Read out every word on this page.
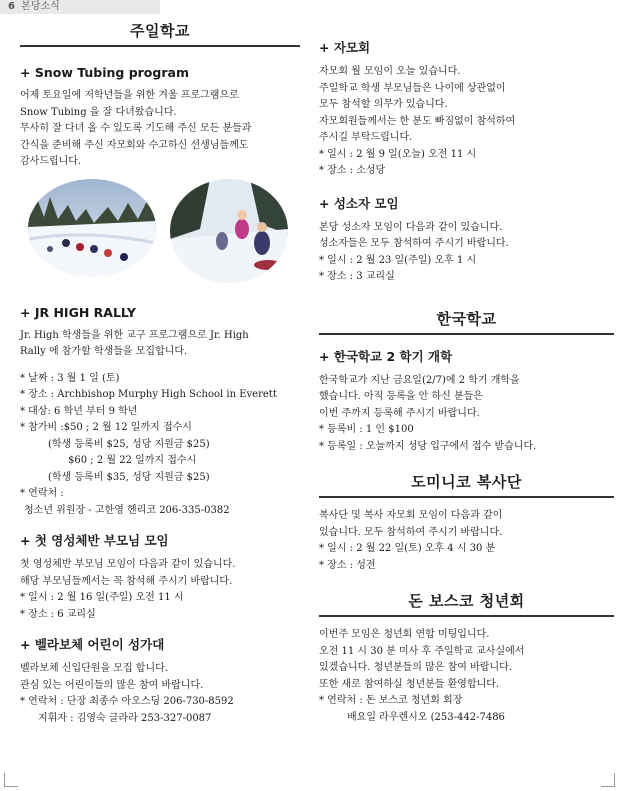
6 본당소식
주일학교
+ Snow Tubing program
어제 토요일에 저학년들을 위한 겨울 프로그램으로
Snow Tubing 을 잘 다녀왔습니다.
무사히 잘 다녀 올 수 있도록 기도해 주신 모든 분들과
간식을 준비해 주신 자모회와 수고하신 선생님들께도
감사드립니다.
+ JR HIGH RALLY
Jr. High 학생들을 위한 교구 프로그램으로 Jr. High
Rally 에 참가할 학생들을 모집합니다.
* 날짜 : 3 월 1 일 (토)
* 장소 : Archbishop Murphy High School in Everett
* 대상: 6 학년 부터 9 학년
* 참가비 :$50 ; 2 월 12 일까지 접수시
(학생 등록비 $25, 성당 지원금 $25)
$60 ; 2 월 22 일까지 접수시
(학생 등록비 $35, 성당 지원금 $25)
* 연락처 :
청소년 위원장 - 고한영 헨리코 206-335-0382
+ 첫 영성체반 부모님 모임
첫 영성체반 부모님 모임이 다음과 같이 있습니다.
해당 부모님들께서는 꼭 참석해 주시기 바랍니다.
* 일시 : 2 월 16 일(주일) 오전 11 시
* 장소 : 6 교리실
+ 벨라보체 어린이 성가대
벨라보체 신입단원을 모집 합니다.
관심 있는 어린이들의 많은 참여 바랍니다.
* 연락처 : 단장 최종수 아오스딩 206-730-8592
지휘자 : 김영숙 글라라 253-327-0087
+ 자모회
자모회 월 모임이 오늘 있습니다.
주일학교 학생 부모님들은 나이에 상관없이
모두 참석할 의무가 있습니다.
자모회원들께서는 한 분도 빠짐없이 참석하여
주시길 부탁드립니다.
* 일시 : 2 월 9 일(오늘) 오전 11 시
* 장소 : 소성당
+ 성소자 모임
본당 성소자 모임이 다음과 같이 있습니다.
성소자들은 모두 참석하여 주시기 바랍니다.
* 일시 : 2 월 23 일(주일) 오후 1 시
* 장소 : 3 교리실
한국학교
+ 한국학교 2 학기 개학
한국학교가 지난 금요일(2/7)에 2 학기 개학을
했습니다. 아직 등록을 안 하신 분들은
이번 주까지 등록해 주시기 바랍니다.
* 등록비 : 1 인 $100
* 등록일 : 오늘까지 성당 입구에서 접수 받습니다.
도미니코 복사단
복사단 및 복사 자모회 모임이 다음과 같이
있습니다. 모두 참석하여 주시기 바랍니다.
* 일시 : 2 월 22 일(토) 오후 4 시 30 분
* 장소 : 성전
돈 보스코 청년회
이번주 모임은 청년회 연합 미팅입니다.
오전 11 시 30 분 미사 후 주일학교 교사실에서
있겠습니다. 청년분들의 많은 참여 바랍니다.
또한 새로 참여하실 청년분들 환영합니다.
* 연락처 : 돈 보스코 청년회 회장
배요일 라우렌시오 (253-442-7486
